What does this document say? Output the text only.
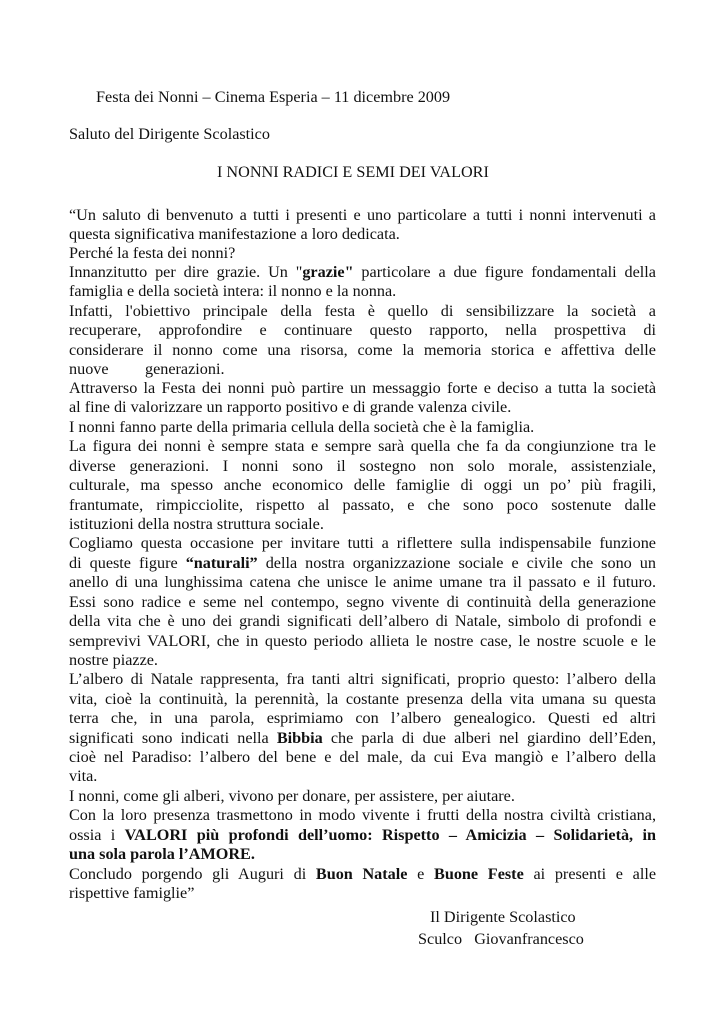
Festa dei Nonni – Cinema Esperia – 11 dicembre 2009
Saluto del Dirigente Scolastico
I NONNI RADICI E SEMI DEI VALORI
“Un saluto di benvenuto a tutti i presenti e uno particolare a tutti i nonni intervenuti a
questa significativa manifestazione a loro dedicata.
Perché la festa dei nonni?
Innanzitutto per dire grazie. Un "grazie" particolare a due figure fondamentali della
famiglia e della società intera: il nonno e la nonna.
Infatti, l'obiettivo principale della festa è quello di sensibilizzare la società a
recuperare, approfondire e continuare questo rapporto, nella prospettiva di
considerare il nonno come una risorsa, come la memoria storica e affettiva delle
nuove         generazioni.
Attraverso la Festa dei nonni può partire un messaggio forte e deciso a tutta la società
al fine di valorizzare un rapporto positivo e di grande valenza civile.
I nonni fanno parte della primaria cellula della società che è la famiglia.
La figura dei nonni è sempre stata e sempre sarà quella che fa da congiunzione tra le
diverse generazioni. I nonni sono il sostegno non solo morale, assistenziale,
culturale, ma spesso anche economico delle famiglie di oggi un po’ più fragili,
frantumate, rimpicciolite, rispetto al passato, e che sono poco sostenute dalle
istituzioni della nostra struttura sociale.
Cogliamo questa occasione per invitare tutti a riflettere sulla indispensabile funzione
di queste figure “naturali” della nostra organizzazione sociale e civile che sono un
anello di una lunghissima catena che unisce le anime umane tra il passato e il futuro.
Essi sono radice e seme nel contempo, segno vivente di continuità della generazione
della vita che è uno dei grandi significati dell’albero di Natale, simbolo di profondi e
semprevivi VALORI, che in questo periodo allieta le nostre case, le nostre scuole e le
nostre piazze.
L’albero di Natale rappresenta, fra tanti altri significati, proprio questo: l’albero della
vita, cioè la continuità, la perennità, la costante presenza della vita umana su questa
terra che, in una parola, esprimiamo con l’albero genealogico. Questi ed altri
significati sono indicati nella Bibbia che parla di due alberi nel giardino dell’Eden,
cioè nel Paradiso: l’albero del bene e del male, da cui Eva mangiò e l’albero della
vita.
I nonni, come gli alberi, vivono per donare, per assistere, per aiutare.
Con la loro presenza trasmettono in modo vivente i frutti della nostra civiltà cristiana,
ossia i VALORI più profondi dell’uomo: Rispetto – Amicizia – Solidarietà, in
una sola parola l’AMORE.
Concludo porgendo gli Auguri di Buon Natale e Buone Feste ai presenti e alle
rispettive famiglie”
Il Dirigente Scolastico
Sculco   Giovanfrancesco
